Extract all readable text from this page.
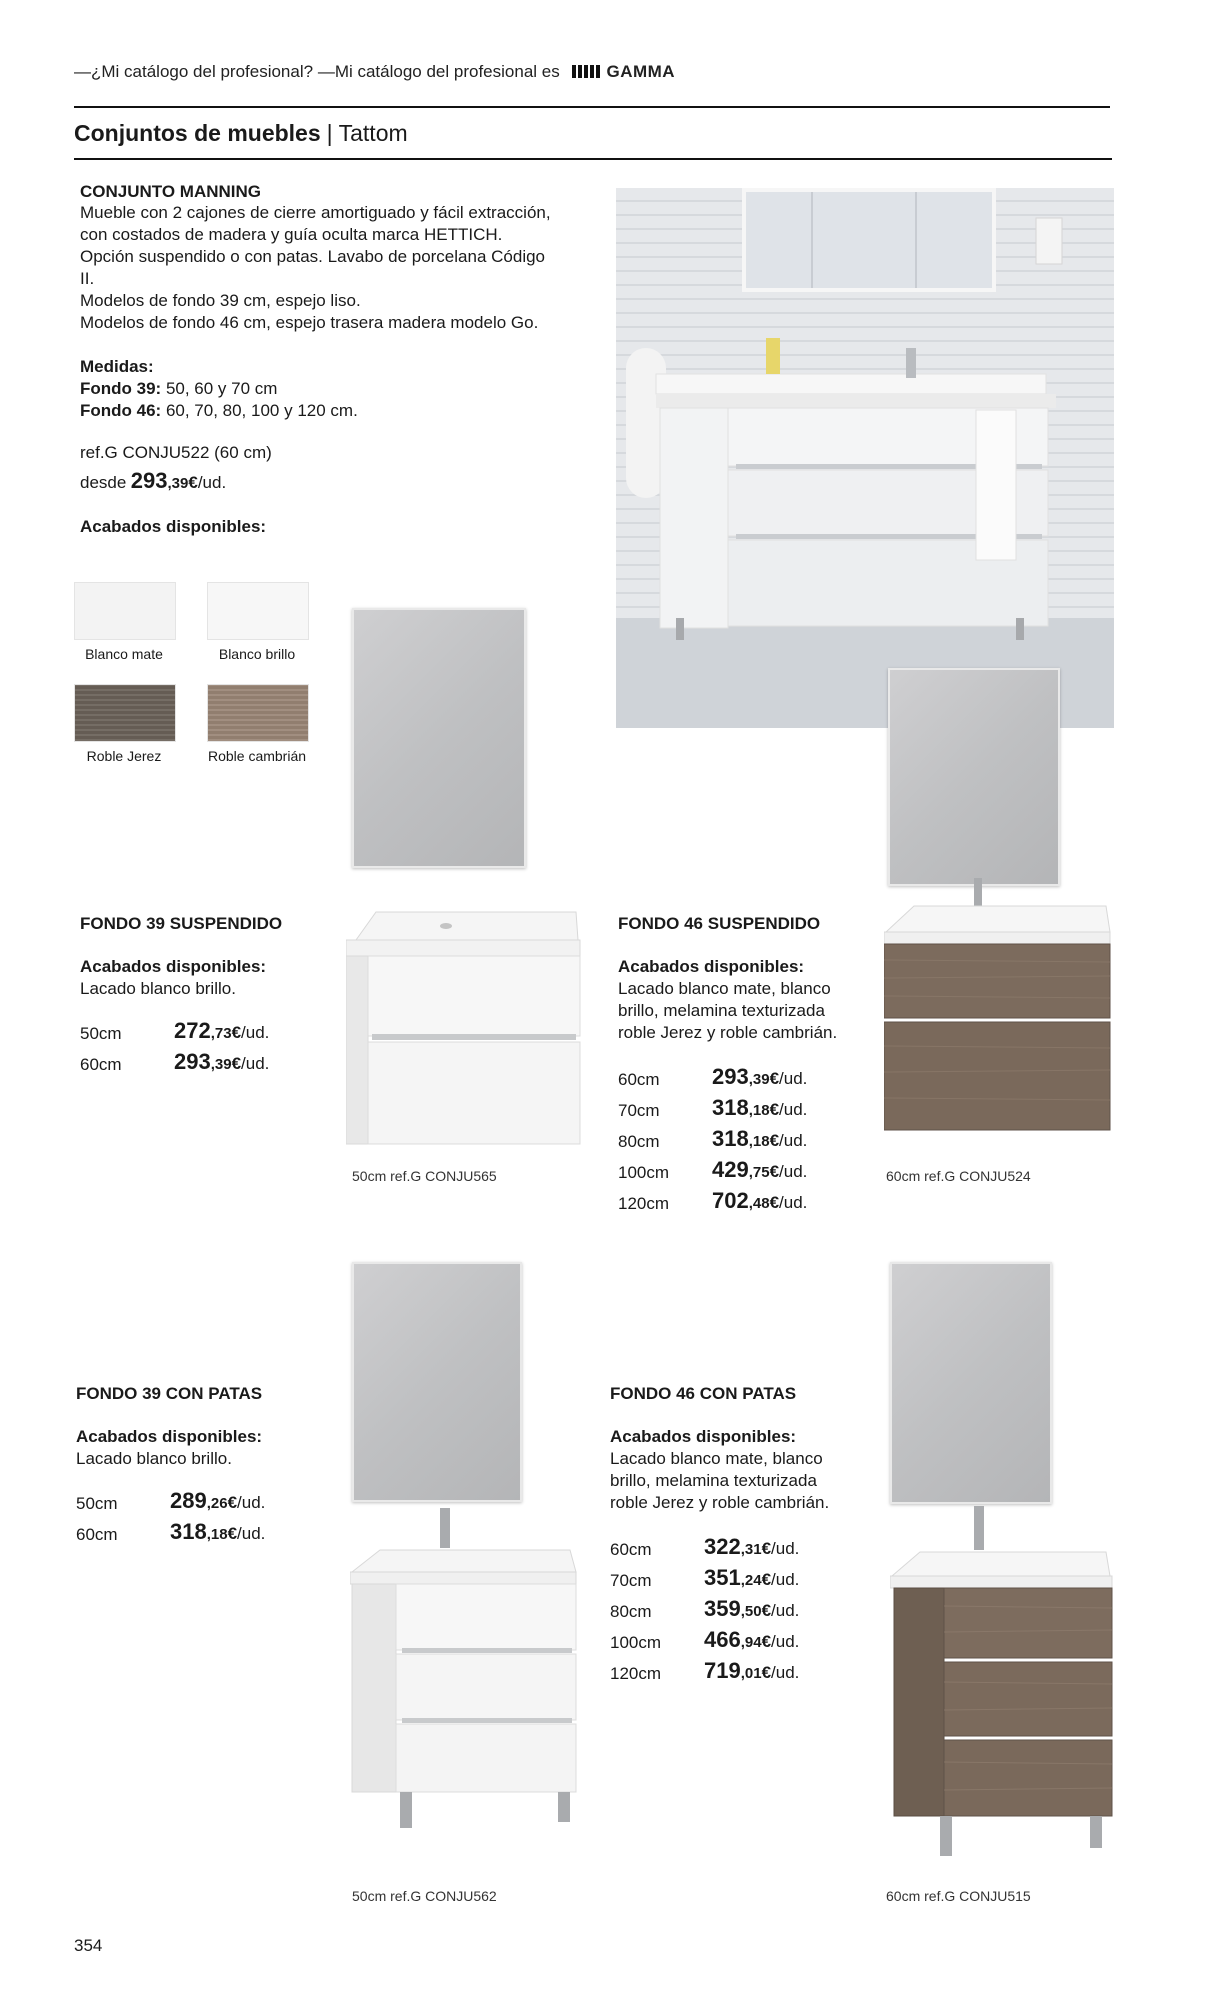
—¿Mi catálogo del profesional? —Mi catálogo del profesional es	GAMMA
Conjuntos de muebles | Tattom
CONJUNTO MANNING
Mueble con 2 cajones de cierre amortiguado y fácil extracción,
con costados de madera y guía oculta marca HETTICH.
Opción suspendido o con patas. Lavabo de porcelana Código
II.
Modelos de fondo 39 cm, espejo liso.
Modelos de fondo 46 cm, espejo trasera madera modelo Go.
Medidas:
Fondo 39: 50, 60 y 70 cm
Fondo 46: 60, 70, 80, 100 y 120 cm.
ref.G CONJU522 (60 cm)
desde 293,39€/ud.
Acabados disponibles:
Blanco mate	Blanco brillo
Roble Jerez	Roble cambrián
FONDO 39 SUSPENDIDO
Acabados disponibles:
Lacado blanco brillo.
50cm 272,73€/ud.
60cm 293,39€/ud.
50cm ref.G CONJU565
FONDO 46 SUSPENDIDO
Acabados disponibles:
Lacado blanco mate, blanco
brillo, melamina texturizada
roble Jerez y roble cambrián.
60cm 293,39€/ud.
70cm 318,18€/ud.
80cm 318,18€/ud.
100cm 429,75€/ud.
120cm 702,48€/ud.
60cm ref.G CONJU524
FONDO 39 CON PATAS
Acabados disponibles:
Lacado blanco brillo.
50cm 289,26€/ud.
60cm 318,18€/ud.
50cm ref.G CONJU562
FONDO 46 CON PATAS
Acabados disponibles:
Lacado blanco mate, blanco
brillo, melamina texturizada
roble Jerez y roble cambrián.
60cm 322,31€/ud.
70cm 351,24€/ud.
80cm 359,50€/ud.
100cm 466,94€/ud.
120cm 719,01€/ud.
60cm ref.G CONJU515
354
